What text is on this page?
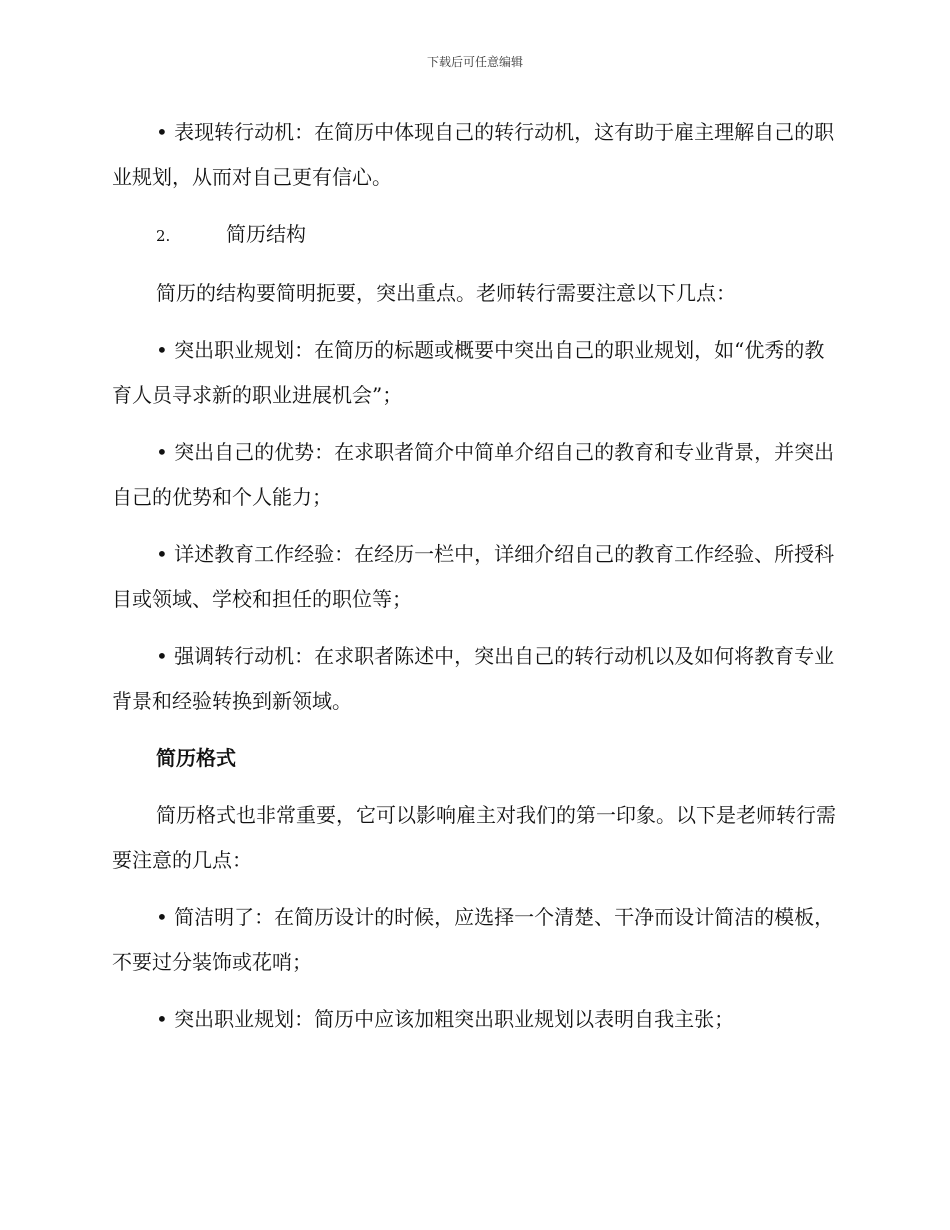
下载后可任意编辑

• 表现转行动机：在简历中体现自己的转行动机，这有助于雇主理解自己的职业规划，从而对自己更有信心。

2.	简历结构

简历的结构要简明扼要，突出重点。老师转行需要注意以下几点：

• 突出职业规划：在简历的标题或概要中突出自己的职业规划，如“优秀的教育人员寻求新的职业进展机会”；

• 突出自己的优势：在求职者简介中简单介绍自己的教育和专业背景，并突出自己的优势和个人能力；

• 详述教育工作经验：在经历一栏中，详细介绍自己的教育工作经验、所授科目或领域、学校和担任的职位等；

• 强调转行动机：在求职者陈述中，突出自己的转行动机以及如何将教育专业背景和经验转换到新领域。

简历格式

简历格式也非常重要，它可以影响雇主对我们的第一印象。以下是老师转行需要注意的几点：

• 简洁明了：在简历设计的时候，应选择一个清楚、干净而设计简洁的模板，不要过分装饰或花哨；

• 突出职业规划：简历中应该加粗突出职业规划以表明自我主张；
